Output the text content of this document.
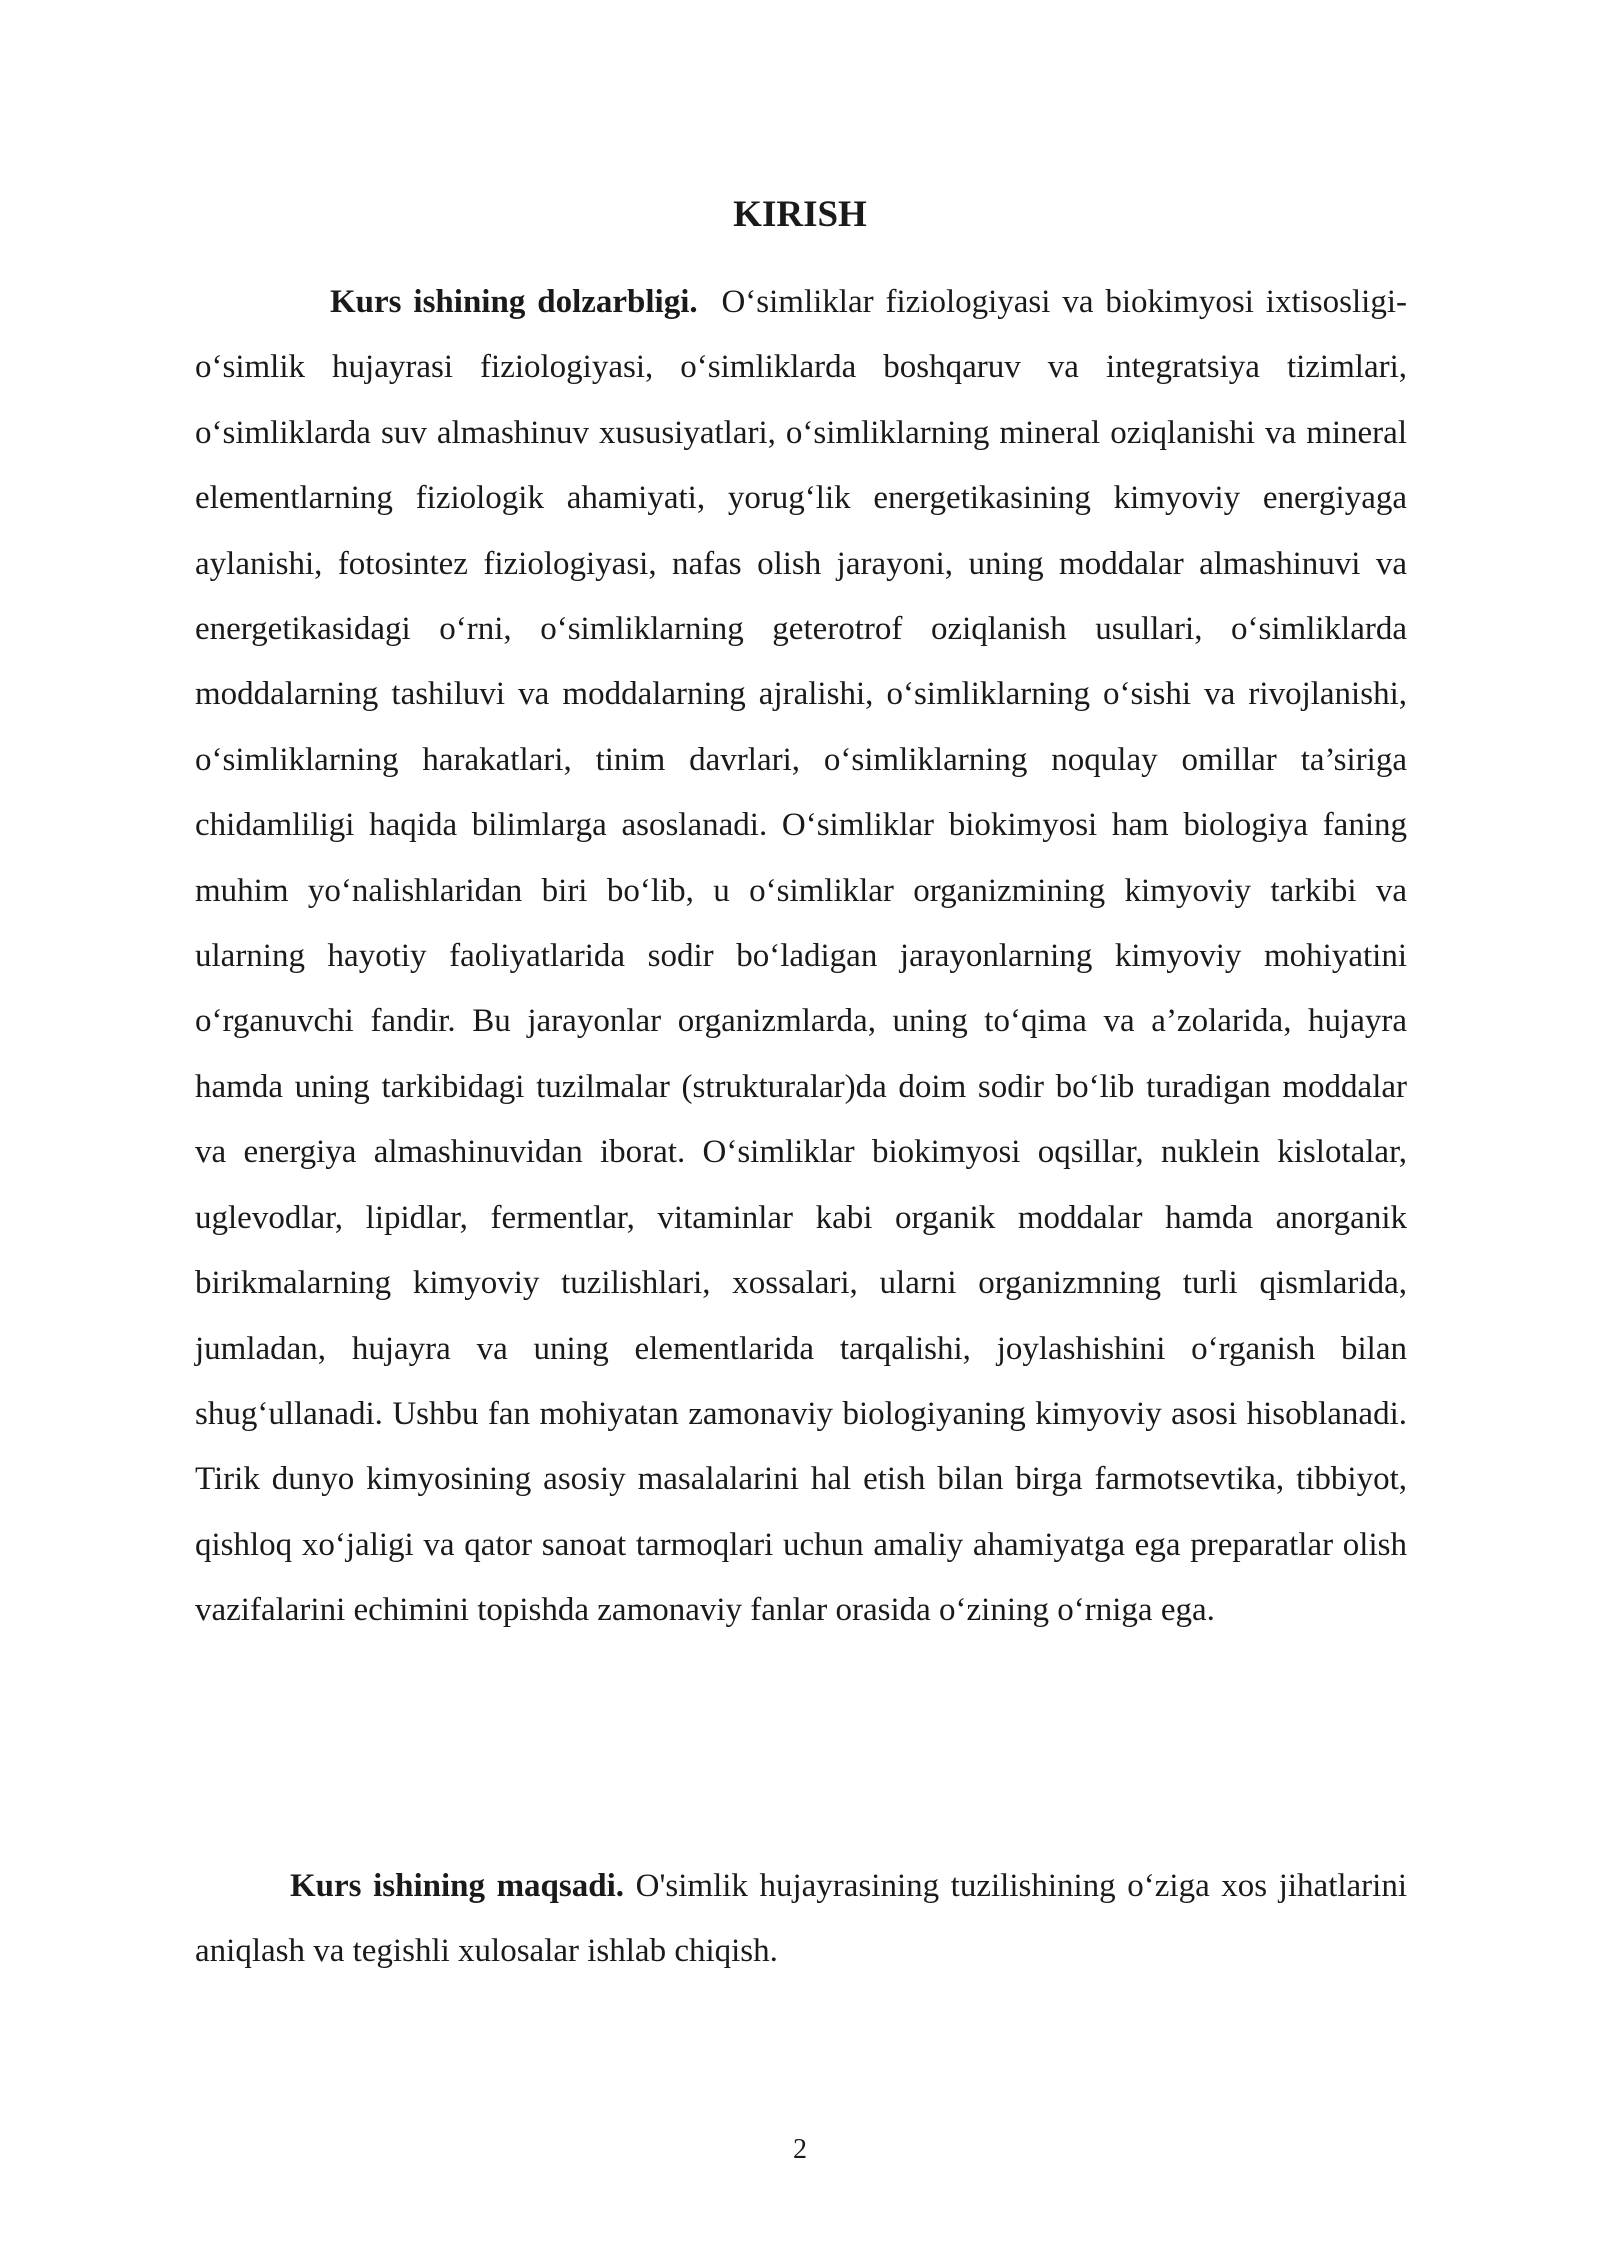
KIRISH

Kurs ishining dolzarbligi. O‘simliklar fiziologiyasi va biokimyosi ixtisosligi- o‘simlik hujayrasi fiziologiyasi, o‘simliklarda boshqaruv va integratsiya tizimlari, o‘simliklarda suv almashinuv xususiyatlari, o‘simliklarning mineral oziqlanishi va mineral elementlarning fiziologik ahamiyati, yorug‘lik energetikasining kimyoviy energiyaga aylanishi, fotosintez fiziologiyasi, nafas olish jarayoni, uning moddalar almashinuvi va energetikasidagi o‘rni, o‘simliklarning geterotrof oziqlanish usullari, o‘simliklarda moddalarning tashiluvi va moddalarning ajralishi, o‘simliklarning o‘sishi va rivojlanishi, o‘simliklarning harakatlari, tinim davrlari, o‘simliklarning noqulay omillar ta’siriga chidamliligi haqida bilimlarga asoslanadi. O‘simliklar biokimyosi ham biologiya faning muhim yo‘nalishlaridan biri bo‘lib, u o‘simliklar organizmining kimyoviy tarkibi va ularning hayotiy faoliyatlarida sodir bo‘ladigan jarayonlarning kimyoviy mohiyatini o‘rganuvchi fandir. Bu jarayonlar organizmlarda, uning to‘qima va a’zolarida, hujayra hamda uning tarkibidagi tuzilmalar (strukturalar)da doim sodir bo‘lib turadigan moddalar va energiya almashinuvidan iborat. O‘simliklar biokimyosi oqsillar, nuklein kislotalar, uglevodlar, lipidlar, fermentlar, vitaminlar kabi organik moddalar hamda anorganik birikmalarning kimyoviy tuzilishlari, xossalari, ularni organizmning turli qismlarida, jumladan, hujayra va uning elementlarida tarqalishi, joylashishini o‘rganish bilan shug‘ullanadi. Ushbu fan mohiyatan zamonaviy biologiyaning kimyoviy asosi hisoblanadi. Tirik dunyo kimyosining asosiy masalalarini hal etish bilan birga farmotsevtika, tibbiyot, qishloq xo‘jaligi va qator sanoat tarmoqlari uchun amaliy ahamiyatga ega preparatlar olish vazifalarini echimini topishda zamonaviy fanlar orasida o‘zining o‘rniga ega.

Kurs ishining maqsadi. O'simlik hujayrasining tuzilishining o‘ziga xos jihatlarini aniqlash va tegishli xulosalar ishlab chiqish.

2
